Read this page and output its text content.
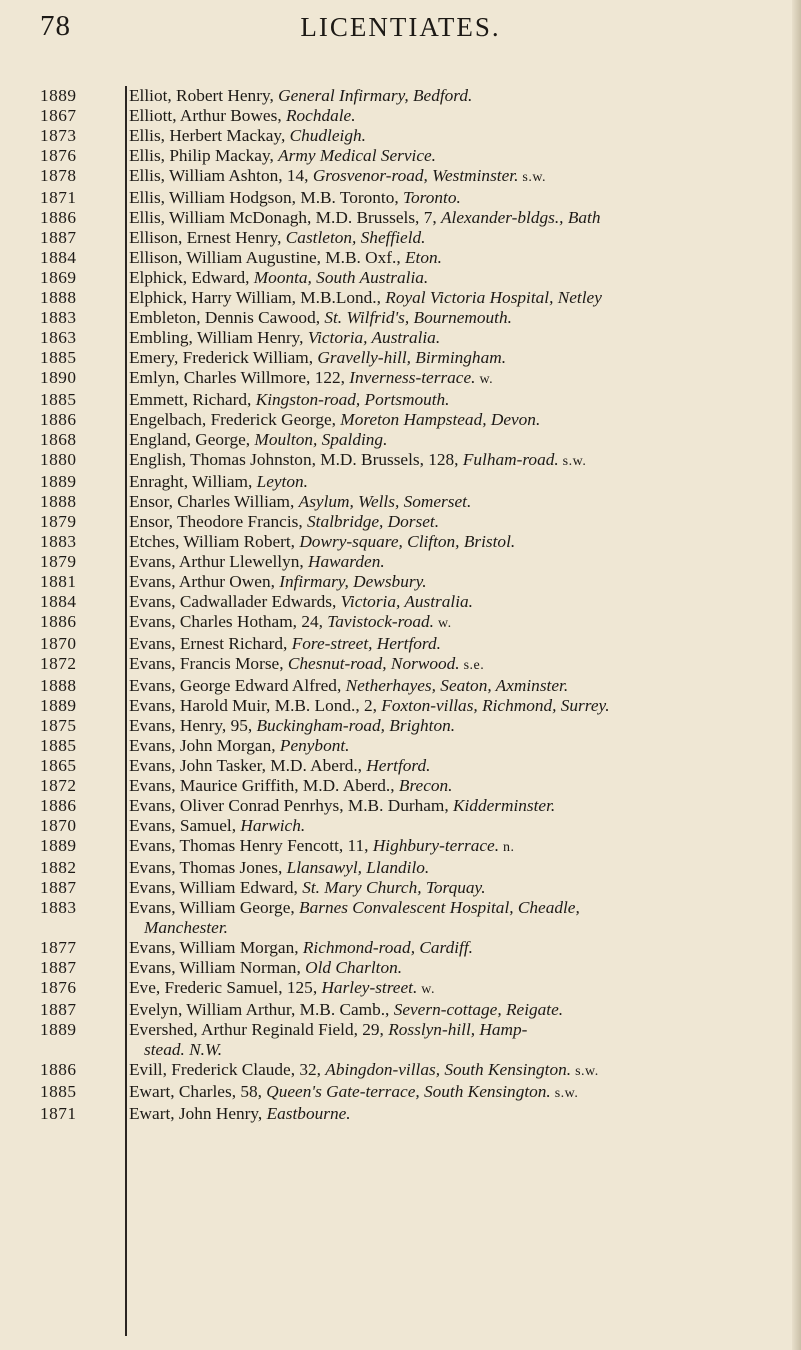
78	LICENTIATES.
1889	Elliot, Robert Henry, General Infirmary, Bedford.
1867	Elliott, Arthur Bowes, Rochdale.
1873	Ellis, Herbert Mackay, Chudleigh.
1876	Ellis, Philip Mackay, Army Medical Service.
1878	Ellis, William Ashton, 14, Grosvenor-road, Westminster. s.w.
1871	Ellis, William Hodgson, M.B. Toronto, Toronto.
1886	Ellis, William McDonagh, M.D. Brussels, 7, Alexander-bldgs., Bath
1887	Ellison, Ernest Henry, Castleton, Sheffield.
1884	Ellison, William Augustine, M.B. Oxf., Eton.
1869	Elphick, Edward, Moonta, South Australia.
1888	Elphick, Harry William, M.B.Lond., Royal Victoria Hospital, Netley
1883	Embleton, Dennis Cawood, St. Wilfrid's, Bournemouth.
1863	Embling, William Henry, Victoria, Australia.
1885	Emery, Frederick William, Gravelly-hill, Birmingham.
1890	Emlyn, Charles Willmore, 122, Inverness-terrace. w.
1885	Emmett, Richard, Kingston-road, Portsmouth.
1886	Engelbach, Frederick George, Moreton Hampstead, Devon.
1868	England, George, Moulton, Spalding.
1880	English, Thomas Johnston, M.D. Brussels, 128, Fulham-road. s.w.
1889	Enraght, William, Leyton.
1888	Ensor, Charles William, Asylum, Wells, Somerset.
1879	Ensor, Theodore Francis, Stalbridge, Dorset.
1883	Etches, William Robert, Dowry-square, Clifton, Bristol.
1879	Evans, Arthur Llewellyn, Hawarden.
1881	Evans, Arthur Owen, Infirmary, Dewsbury.
1884	Evans, Cadwallader Edwards, Victoria, Australia.
1886	Evans, Charles Hotham, 24, Tavistock-road. w.
1870	Evans, Ernest Richard, Fore-street, Hertford.
1872	Evans, Francis Morse, Chesnut-road, Norwood. s.e.
1888	Evans, George Edward Alfred, Netherhayes, Seaton, Axminster.
1889	Evans, Harold Muir, M.B. Lond., 2, Foxton-villas, Richmond, Surrey.
1875	Evans, Henry, 95, Buckingham-road, Brighton.
1885	Evans, John Morgan, Penybont.
1865	Evans, John Tasker, M.D. Aberd., Hertford.
1872	Evans, Maurice Griffith, M.D. Aberd., Brecon.
1886	Evans, Oliver Conrad Penrhys, M.B. Durham, Kidderminster.
1870	Evans, Samuel, Harwich.
1889	Evans, Thomas Henry Fencott, 11, Highbury-terrace. n.
1882	Evans, Thomas Jones, Llansawyl, Llandilo.
1887	Evans, William Edward, St. Mary Church, Torquay.
1883	Evans, William George, Barnes Convalescent Hospital, Cheadle,
Manchester.
1877	Evans, William Morgan, Richmond-road, Cardiff.
1887	Evans, William Norman, Old Charlton.
1876	Eve, Frederic Samuel, 125, Harley-street. w.
1887	Evelyn, William Arthur, M.B. Camb., Severn-cottage, Reigate.
1889	Evershed, Arthur Reginald Field, 29, Rosslyn-hill, Hamp-
stead. N.W.
1886	Evill, Frederick Claude, 32, Abingdon-villas, South Kensington. s.w.
1885	Ewart, Charles, 58, Queen's Gate-terrace, South Kensington. s.w.
1871	Ewart, John Henry, Eastbourne.
